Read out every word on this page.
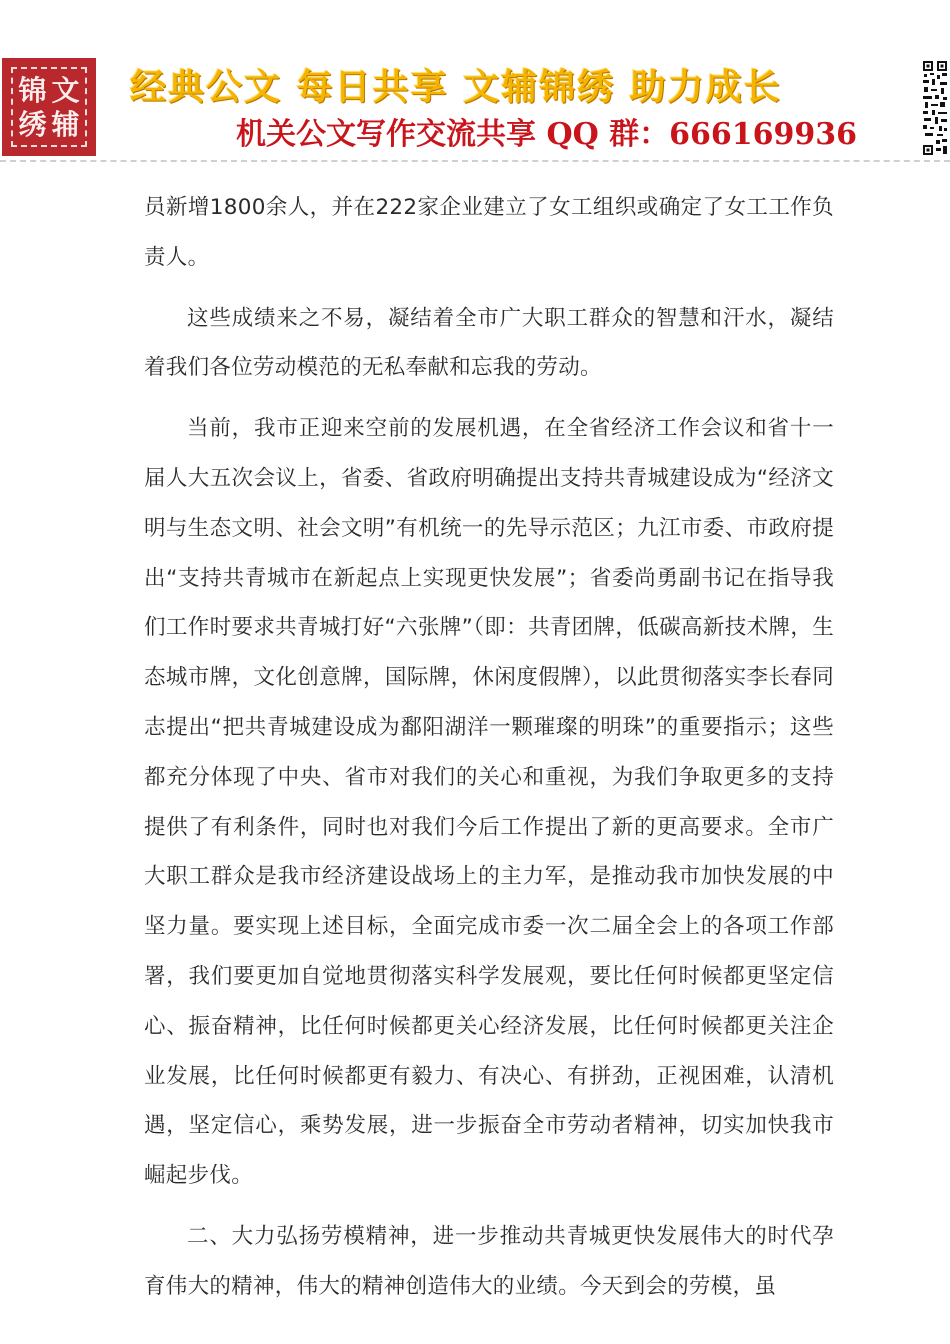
锦 文
绣 辅
经典公文 每日共享 文辅锦绣 助力成长
机关公文写作交流共享 QQ 群：666169936

员新增1800余人，并在222家企业建立了女工组织或确定了女工工作负责人。

这些成绩来之不易，凝结着全市广大职工群众的智慧和汗水，凝结着我们各位劳动模范的无私奉献和忘我的劳动。

当前，我市正迎来空前的发展机遇，在全省经济工作会议和省十一届人大五次会议上，省委、省政府明确提出支持共青城建设成为“经济文明与生态文明、社会文明”有机统一的先导示范区；九江市委、市政府提出“支持共青城市在新起点上实现更快发展”；省委尚勇副书记在指导我们工作时要求共青城打好“六张牌”（即：共青团牌，低碳高新技术牌，生态城市牌，文化创意牌，国际牌，休闲度假牌），以此贯彻落实李长春同志提出“把共青城建设成为鄱阳湖洋一颗璀璨的明珠”的重要指示；这些都充分体现了中央、省市对我们的关心和重视，为我们争取更多的支持提供了有利条件，同时也对我们今后工作提出了新的更高要求。全市广大职工群众是我市经济建设战场上的主力军，是推动我市加快发展的中坚力量。要实现上述目标，全面完成市委一次二届全会上的各项工作部署，我们要更加自觉地贯彻落实科学发展观，要比任何时候都更坚定信心、振奋精神，比任何时候都更关心经济发展，比任何时候都更关注企业发展，比任何时候都更有毅力、有决心、有拼劲，正视困难，认清机遇，坚定信心，乘势发展，进一步振奋全市劳动者精神，切实加快我市崛起步伐。

二、大力弘扬劳模精神，进一步推动共青城更快发展伟大的时代孕育伟大的精神，伟大的精神创造伟大的业绩。今天到会的劳模，虽
